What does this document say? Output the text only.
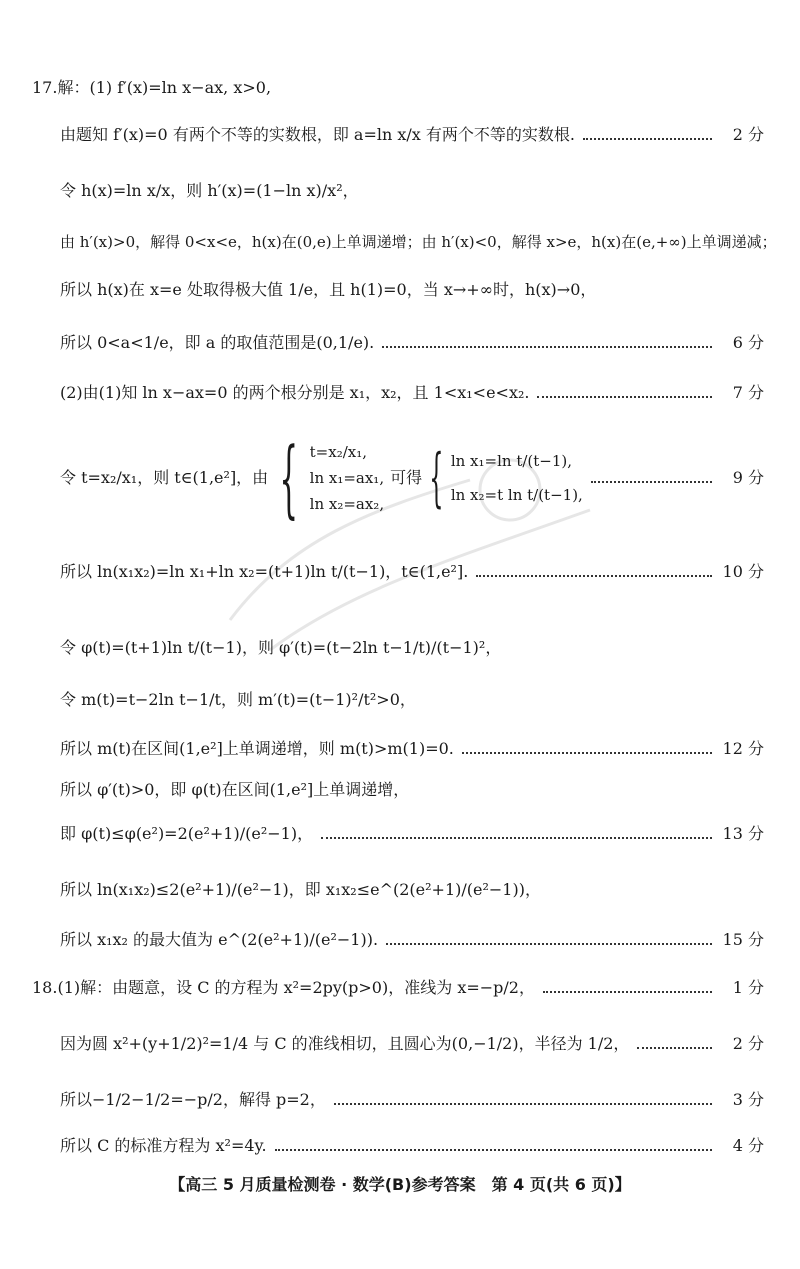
17.解：(1) f′(x)=ln x−ax, x>0,
由题知 f′(x)=0 有两个不等的实数根，即 a=ln x/x 有两个不等的实数根.	2 分
令 h(x)=ln x/x，则 h′(x)=(1−ln x)/x²，
由 h′(x)>0，解得 0<x<e，h(x)在(0,e)上单调递增；由 h′(x)<0，解得 x>e，h(x)在(e,+∞)上单调递减；
所以 h(x)在 x=e 处取得极大值 1/e，且 h(1)=0，当 x→+∞时，h(x)→0，
所以 0<a<1/e，即 a 的取值范围是(0,1/e).	6 分
(2)由(1)知 ln x−ax=0 的两个根分别是 x₁，x₂，且 1<x₁<e<x₂.	7 分
令 t=x₂/x₁，则 t∈(1,e²]，由 { t=x₂/x₁,
ln x₁=ax₁,
ln x₂=ax₂,
可得 { ln x₁=ln t/(t−1),
ln x₂=t ln t/(t−1),
9 分
所以 ln(x₁x₂)=ln x₁+ln x₂=(t+1)ln t/(t−1)，t∈(1,e²].	10 分
令 φ(t)=(t+1)ln t/(t−1)，则 φ′(t)=(t−2ln t−1/t)/(t−1)²，
令 m(t)=t−2ln t−1/t，则 m′(t)=(t−1)²/t²>0，
所以 m(t)在区间(1,e²]上单调递增，则 m(t)>m(1)=0.	12 分
所以 φ′(t)>0，即 φ(t)在区间(1,e²]上单调递增，
即 φ(t)≤φ(e²)=2(e²+1)/(e²−1)，	13 分
所以 ln(x₁x₂)≤2(e²+1)/(e²−1)，即 x₁x₂≤e^(2(e²+1)/(e²−1))，
所以 x₁x₂ 的最大值为 e^(2(e²+1)/(e²−1)).	15 分
18.(1)解：由题意，设 C 的方程为 x²=2py(p>0)，准线为 x=−p/2，	1 分
因为圆 x²+(y+1/2)²=1/4 与 C 的准线相切，且圆心为(0,−1/2)，半径为 1/2，	2 分
所以−1/2−1/2=−p/2，解得 p=2，	3 分
所以 C 的标准方程为 x²=4y.	4 分
【高三 5 月质量检测卷 · 数学(B)参考答案　第 4 页(共 6 页)】
